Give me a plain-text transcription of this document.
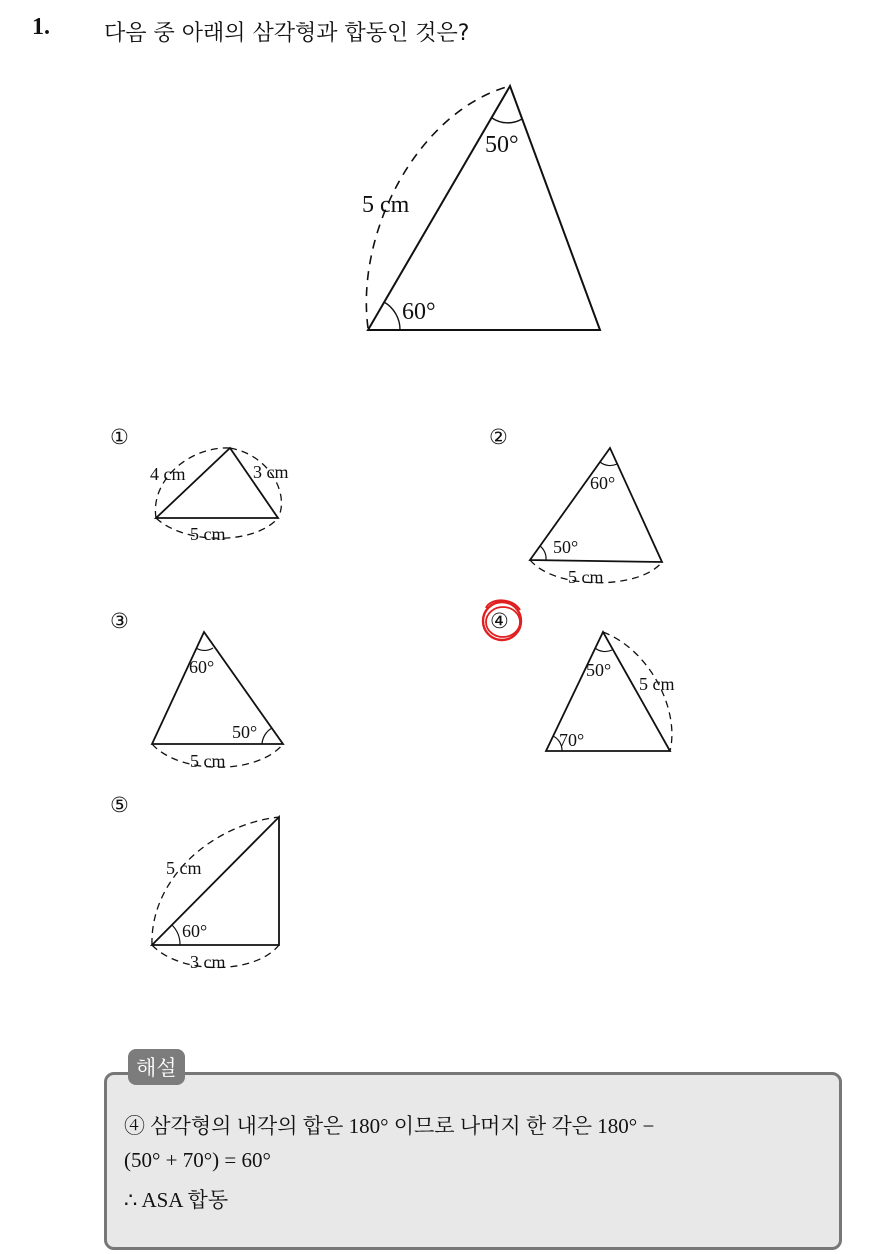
1. 다음 중 아래의 삼각형과 합동인 것은?
5 cm
50°
60°
4 cm	3 cm
5 cm
60°
50°
5 cm
60°
50°
5 cm
50°
5 cm
70°
5 cm
60°
3 cm
①	②
③	④
⑤
해설
④ 삼각형의 내각의 합은 180° 이므로 나머지 한 각은 180° −
(50° + 70°) = 60°
∴ ASA 합동
